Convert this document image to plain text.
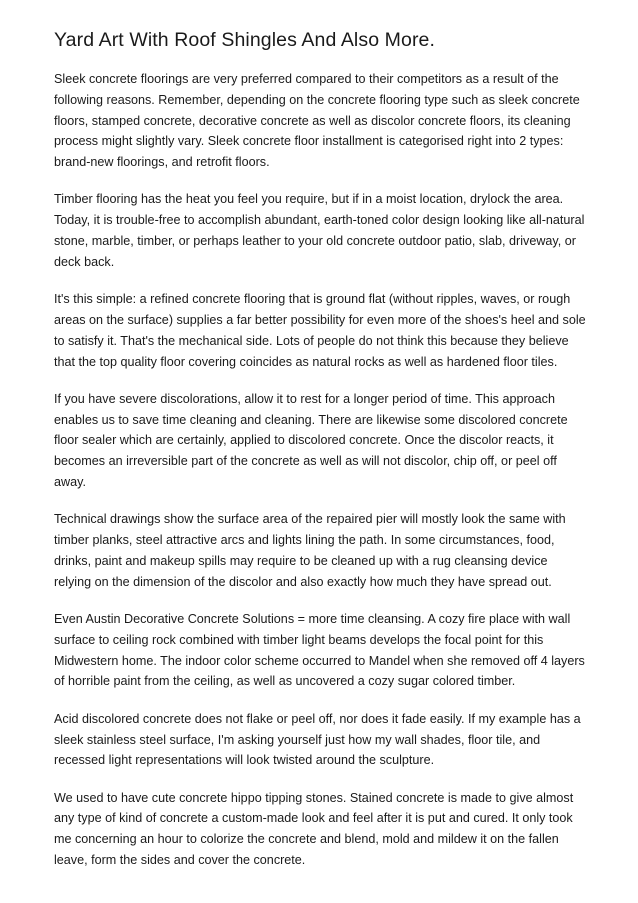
Yard Art With Roof Shingles And Also More.

Sleek concrete floorings are very preferred compared to their competitors as a result of the following reasons. Remember, depending on the concrete flooring type such as sleek concrete floors, stamped concrete, decorative concrete as well as discolor concrete floors, its cleaning process might slightly vary. Sleek concrete floor installment is categorised right into 2 types: brand-new floorings, and retrofit floors.

Timber flooring has the heat you feel you require, but if in a moist location, drylock the area. Today, it is trouble-free to accomplish abundant, earth-toned color design looking like all-natural stone, marble, timber, or perhaps leather to your old concrete outdoor patio, slab, driveway, or deck back.

It's this simple: a refined concrete flooring that is ground flat (without ripples, waves, or rough areas on the surface) supplies a far better possibility for even more of the shoes's heel and sole to satisfy it. That's the mechanical side. Lots of people do not think this because they believe that the top quality floor covering coincides as natural rocks as well as hardened floor tiles.

If you have severe discolorations, allow it to rest for a longer period of time. This approach enables us to save time cleaning and cleaning. There are likewise some discolored concrete floor sealer which are certainly, applied to discolored concrete. Once the discolor reacts, it becomes an irreversible part of the concrete as well as will not discolor, chip off, or peel off away.

Technical drawings show the surface area of the repaired pier will mostly look the same with timber planks, steel attractive arcs and lights lining the path. In some circumstances, food, drinks, paint and makeup spills may require to be cleaned up with a rug cleansing device relying on the dimension of the discolor and also exactly how much they have spread out.

Even Austin Decorative Concrete Solutions = more time cleansing. A cozy fire place with wall surface to ceiling rock combined with timber light beams develops the focal point for this Midwestern home. The indoor color scheme occurred to Mandel when she removed off 4 layers of horrible paint from the ceiling, as well as uncovered a cozy sugar colored timber.

Acid discolored concrete does not flake or peel off, nor does it fade easily. If my example has a sleek stainless steel surface, I'm asking yourself just how my wall shades, floor tile, and recessed light representations will look twisted around the sculpture.

We used to have cute concrete hippo tipping stones. Stained concrete is made to give almost any type of kind of concrete a custom-made look and feel after it is put and cured. It only took me concerning an hour to colorize the concrete and blend, mold and mildew it on the fallen leave, form the sides and cover the concrete.
